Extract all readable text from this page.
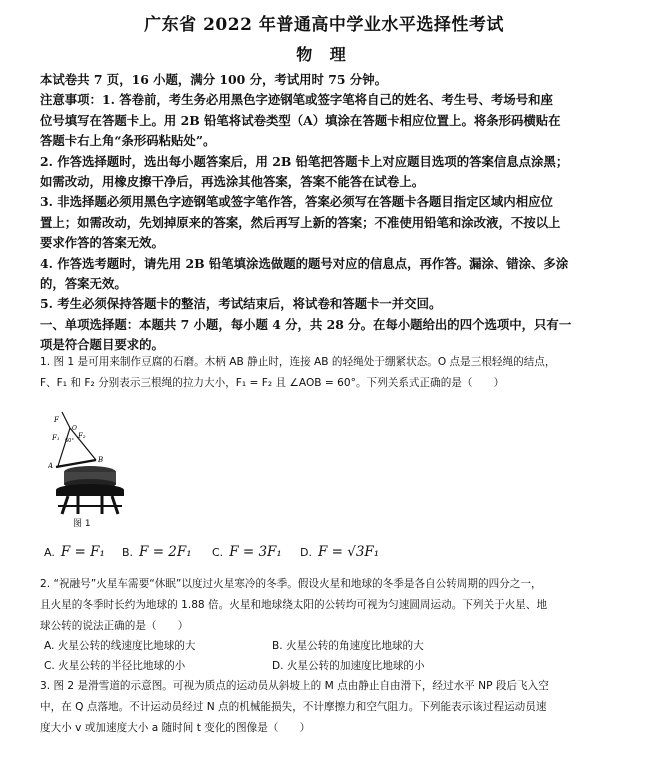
广东省 2022 年普通高中学业水平选择性考试
物 理

本试卷共 7 页，16 小题，满分 100 分，考试用时 75 分钟。

注意事项：1. 答卷前，考生务必用黑色字迹钢笔或签字笔将自己的姓名、考生号、考场号和座

位号填写在答题卡上。用 2B 铅笔将试卷类型（A）填涂在答题卡相应位置上。将条形码横贴在

答题卡右上角“条形码粘贴处”。

2. 作答选择题时，选出每小题答案后，用 2B 铅笔把答题卡上对应题目选项的答案信息点涂黑；

如需改动，用橡皮擦干净后，再选涂其他答案，答案不能答在试卷上。

3. 非选择题必须用黑色字迹钢笔或签字笔作答，答案必须写在答题卡各题目指定区域内相应位

置上；如需改动，先划掉原来的答案，然后再写上新的答案；不准使用铅笔和涂改液，不按以上

要求作答的答案无效。

4. 作答选考题时，请先用 2B 铅笔填涂选做题的题号对应的信息点，再作答。漏涂、错涂、多涂

的，答案无效。

5. 考生必须保持答题卡的整洁，考试结束后，将试卷和答题卡一并交回。

一、单项选择题：本题共 7 小题，每小题 4 分，共 28 分。在每小题给出的四个选项中，只有一

项是符合题目要求的。

1. 图 1 是可用来制作豆腐的石磨。木柄 AB 静止时，连接 AB 的轻绳处于绷紧状态。O 点是三根轻绳的结点，

F、F₁ 和 F₂ 分别表示三根绳的拉力大小，F₁ = F₂ 且 ∠AOB = 60°。下列关系式正确的是（　　）

F
F₁	F₂
O
60°
A
B
图 1
A. F = F₁ B. F = 2F₁ C. F = 3F₁ D. F = √3F₁

2. “祝融号”火星车需要“休眠”以度过火星寒冷的冬季。假设火星和地球的冬季是各自公转周期的四分之一，

且火星的冬季时长约为地球的 1.88 倍。火星和地球绕太阳的公转均可视为匀速圆周运动。下列关于火星、地

球公转的说法正确的是（　　）

A. 火星公转的线速度比地球的大	B. 火星公转的角速度比地球的大
C. 火星公转的半径比地球的小	D. 火星公转的加速度比地球的小

3. 图 2 是滑雪道的示意图。可视为质点的运动员从斜坡上的 M 点由静止自由滑下，经过水平 NP 段后飞入空

中，在 Q 点落地。不计运动员经过 N 点的机械能损失，不计摩擦力和空气阻力。下列能表示该过程运动员速

度大小 v 或加速度大小 a 随时间 t 变化的图像是（　　）
